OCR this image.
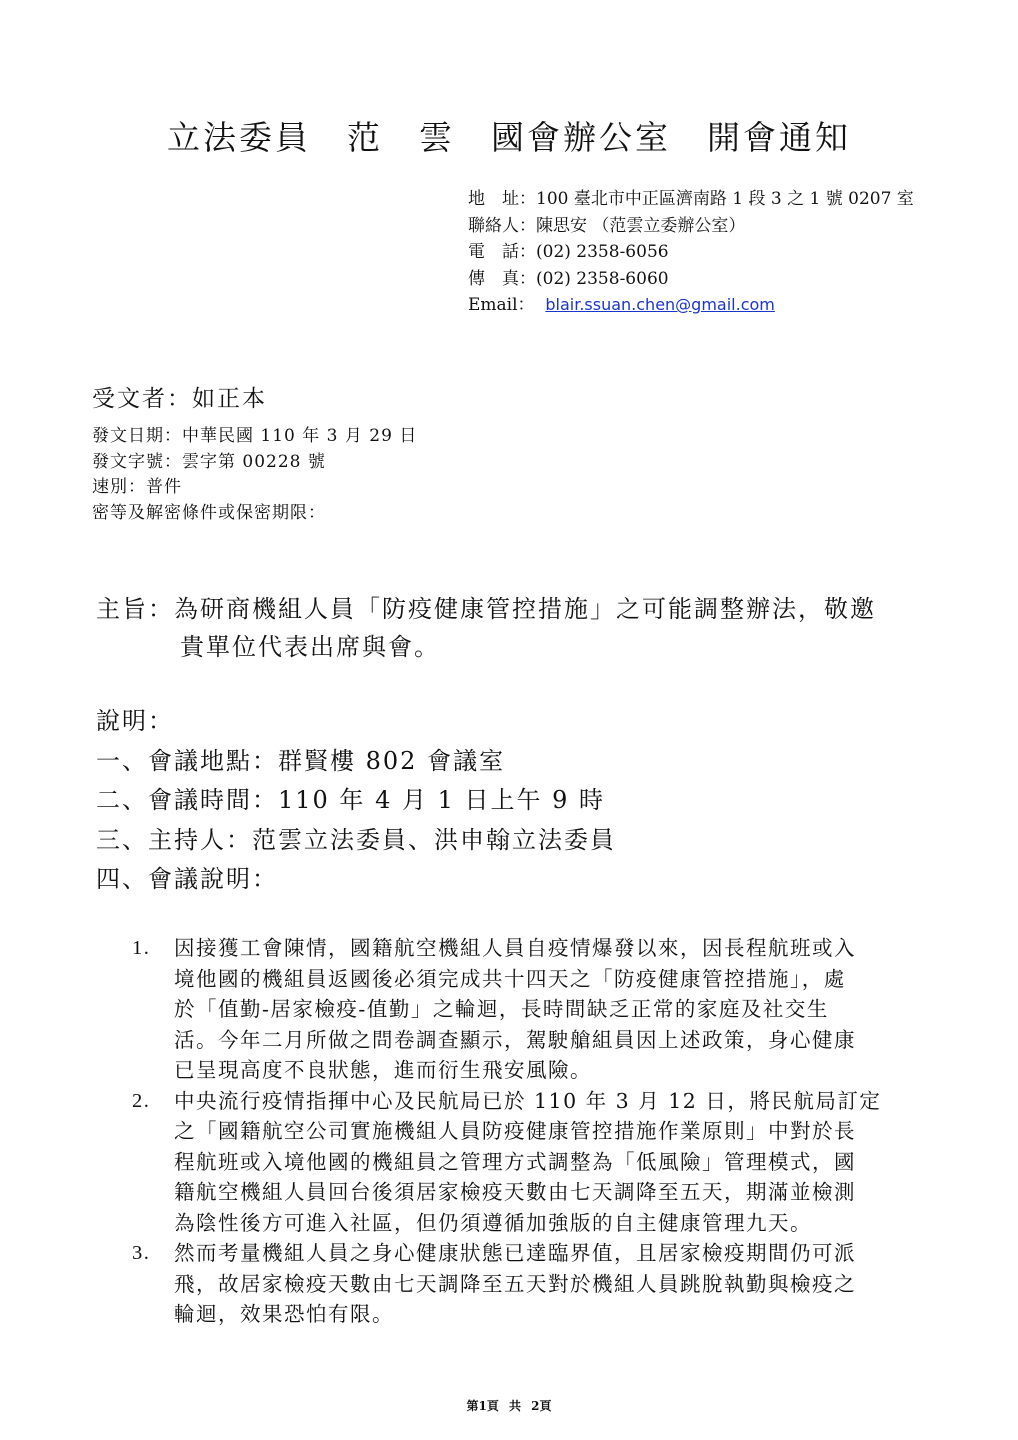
立法委員　范　雲　國會辦公室　開會通知
地　址：100 臺北市中正區濟南路 1 段 3 之 1 號 0207 室
聯絡人：陳思安 （范雲立委辦公室）
電　話：(02) 2358-6056
傳　真：(02) 2358-6060
Email： blair.ssuan.chen@gmail.com
受文者：如正本
發文日期：中華民國 110 年 3 月 29 日
發文字號：雲字第 00228 號
速別：普件
密等及解密條件或保密期限：
主旨：為研商機組人員「防疫健康管控措施」之可能調整辦法，敬邀
貴單位代表出席與會。
說明：
一、會議地點：群賢樓 802 會議室
二、會議時間：110 年 4 月 1 日上午 9 時
三、主持人：范雲立法委員、洪申翰立法委員
四、會議說明：
1.	因接獲工會陳情，國籍航空機組人員自疫情爆發以來，因長程航班或入
境他國的機組員返國後必須完成共十四天之「防疫健康管控措施」，處
於「值勤-居家檢疫-值勤」之輪迴，長時間缺乏正常的家庭及社交生
活。今年二月所做之問卷調查顯示，駕駛艙組員因上述政策，身心健康
已呈現高度不良狀態，進而衍生飛安風險。
2.	中央流行疫情指揮中心及民航局已於 110 年 3 月 12 日，將民航局訂定
之「國籍航空公司實施機組人員防疫健康管控措施作業原則」中對於長
程航班或入境他國的機組員之管理方式調整為「低風險」管理模式，國
籍航空機組人員回台後須居家檢疫天數由七天調降至五天，期滿並檢測
為陰性後方可進入社區，但仍須遵循加強版的自主健康管理九天。
3.	然而考量機組人員之身心健康狀態已達臨界值，且居家檢疫期間仍可派
飛，故居家檢疫天數由七天調降至五天對於機組人員跳脫執勤與檢疫之
輪迴，效果恐怕有限。
第1頁 共 2頁
